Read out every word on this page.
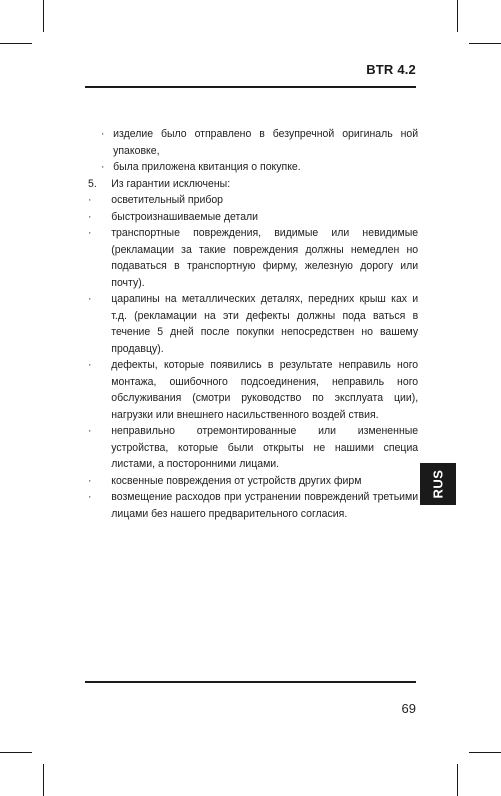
BTR 4.2

· изделие было отправлено в безупречной оригиналь ной упаковке,

· была приложена квитанция о покупке.

5. Из гарантии исключены:

· осветительный прибор

· быстроизнашиваемые детали

· транспортные повреждения, видимые или невидимые (рекламации за такие повреждения должны немедлен но подаваться в транспортную фирму, железную дорогу или почту).

· царапины на металлических деталях, передних крыш ках и т.д. (рекламации на эти дефекты должны пода ваться в течение 5 дней после покупки непосредствен но вашему продавцу).

· дефекты, которые появились в результате неправиль ного монтажа, ошибочного подсоединения, неправиль ного обслуживания (смотри руководство по эксплуата ции), нагрузки или внешнего насильственного воздей ствия.

· неправильно отремонтированные или измененные устройства, которые были открыты не нашими специа листами, а посторонними лицами.

· косвенные повреждения от устройств других фирм

· возмещение расходов при устранении повреждений третьими лицами без нашего предварительного согласия.

RUS
69
